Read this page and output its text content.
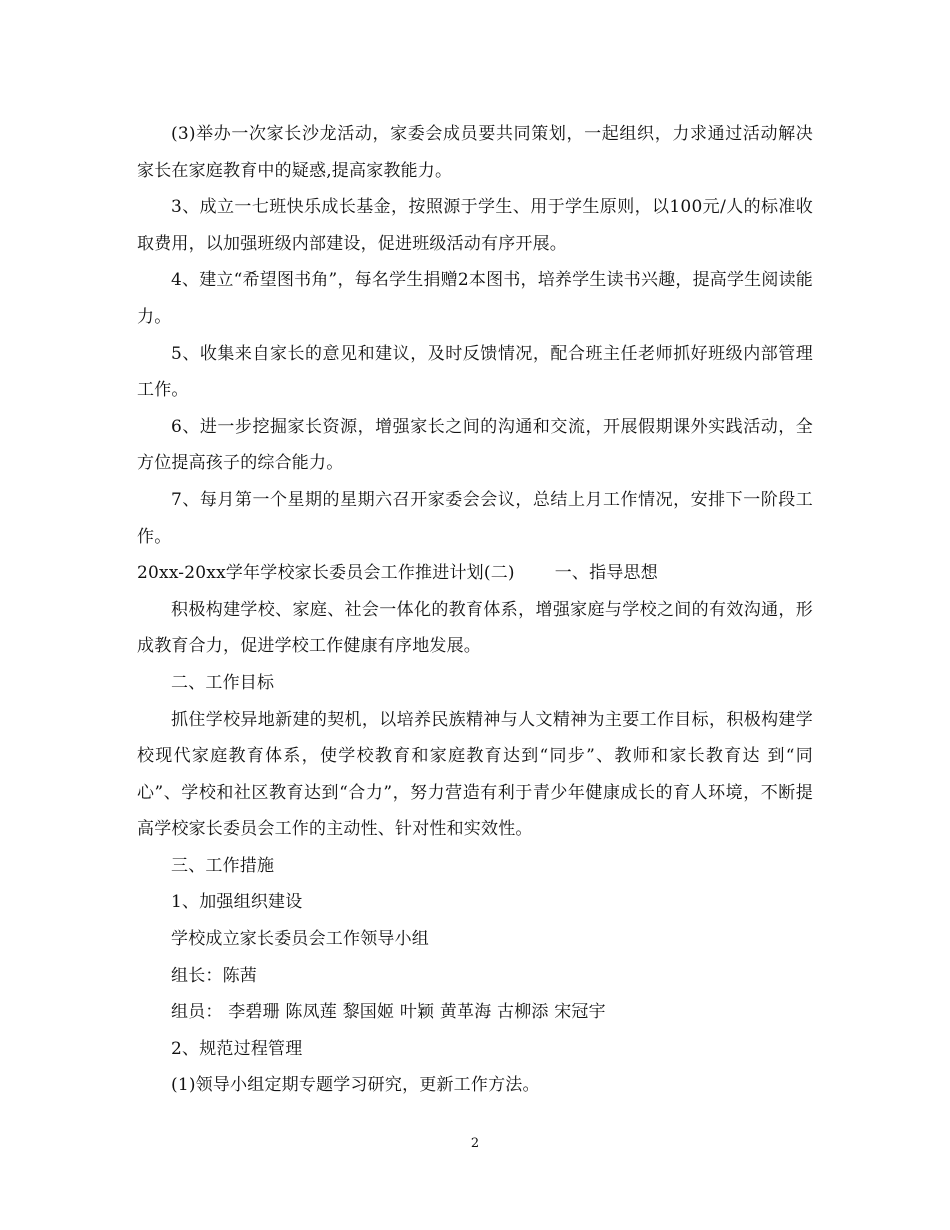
(3)举办一次家长沙龙活动，家委会成员要共同策划，一起组织，力求通过活动解决家长在家庭教育中的疑惑,提高家教能力。

3、成立一七班快乐成长基金，按照源于学生、用于学生原则，以100元/人的标准收取费用，以加强班级内部建设，促进班级活动有序开展。

4、建立“希望图书角”，每名学生捐赠2本图书，培养学生读书兴趣，提高学生阅读能力。

5、收集来自家长的意见和建议，及时反馈情况，配合班主任老师抓好班级内部管理工作。

6、进一步挖掘家长资源，增强家长之间的沟通和交流，开展假期课外实践活动，全方位提高孩子的综合能力。

7、每月第一个星期的星期六召开家委会会议，总结上月工作情况，安排下一阶段工作。

20xx-20xx学年学校家长委员会工作推进计划(二) 一、指导思想

积极构建学校、家庭、社会一体化的教育体系，增强家庭与学校之间的有效沟通，形成教育合力，促进学校工作健康有序地发展。

二、工作目标

抓住学校异地新建的契机，以培养民族精神与人文精神为主要工作目标，积极构建学校现代家庭教育体系，使学校教育和家庭教育达到“同步”、教师和家长教育达 到“同心”、学校和社区教育达到“合力”，努力营造有利于青少年健康成长的育人环境，不断提高学校家长委员会工作的主动性、针对性和实效性。

三、工作措施

1、加强组织建设

学校成立家长委员会工作领导小组

组长：陈茜

组员： 李碧珊 陈凤莲 黎国姬 叶颖 黄革海 古柳添 宋冠宇

2、规范过程管理

(1)领导小组定期专题学习研究，更新工作方法。

2
